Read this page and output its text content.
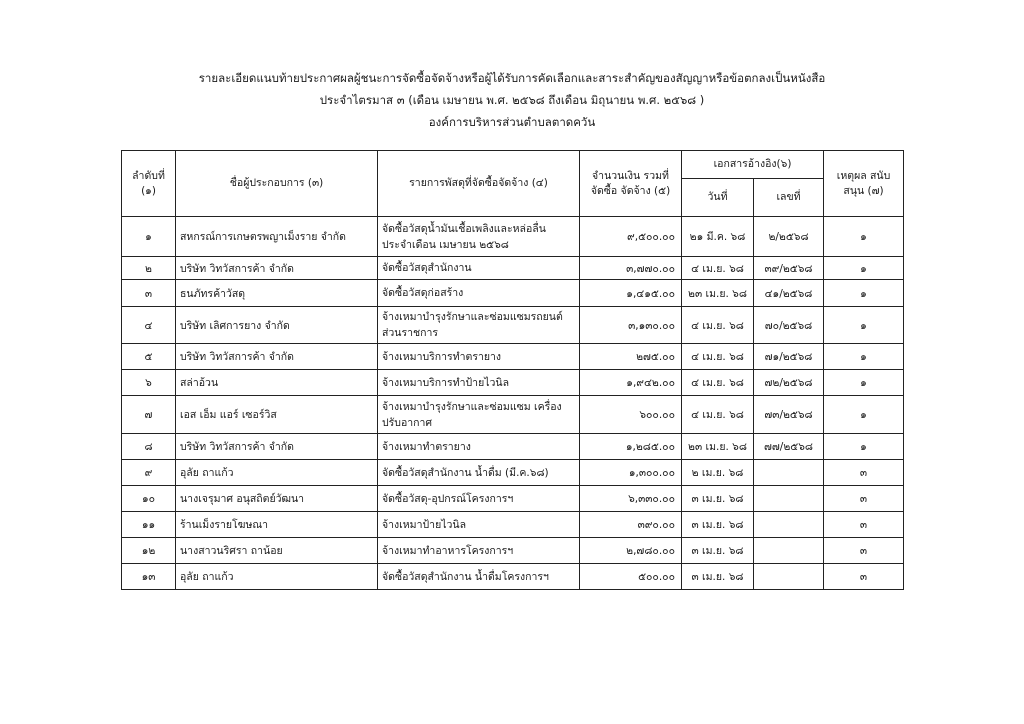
รายละเอียดแนบท้ายประกาศผลผู้ชนะการจัดซื้อจัดจ้างหรือผู้ได้รับการคัดเลือกและสาระสำคัญของสัญญาหรือข้อตกลงเป็นหนังสือ
ประจำไตรมาส ๓ (เดือน เมษายน พ.ศ. ๒๕๖๘ ถึงเดือน มิถุนายน พ.ศ. ๒๕๖๘ )
องค์การบริหารส่วนตำบลตาดควัน
ลำดับที่ (๑)	ชื่อผู้ประกอบการ (๓)	รายการพัสดุที่จัดซื้อจัดจ้าง (๔)	จำนวนเงิน รวมที่ จัดซื้อ จัดจ้าง (๕)	เอกสารอ้างอิง(๖)		เหตุผล สนับ สนุน (๗)
				วันที่	เลขที่	
๑	สหกรณ์การเกษตรพญาเม็งราย จำกัด	จัดซื้อวัสดุน้ำมันเชื้อเพลิงและหล่อลื่น ประจำเดือน เมษายน ๒๕๖๘	๙,๕๐๐.๐๐	๒๑ มี.ค. ๖๘	๒/๒๕๖๘	๑
๒	บริษัท วิทวัสการค้า จำกัด	จัดซื้อวัสดุสำนักงาน	๓,๗๗๐.๐๐	๔ เม.ย. ๖๘	๓๙/๒๕๖๘	๑
๓	ธนภัทรค้าวัสดุ	จัดซื้อวัสดุก่อสร้าง	๑,๔๑๕.๐๐	๒๓ เม.ย. ๖๘	๔๑/๒๕๖๘	๑
๔	บริษัท เลิศการยาง จำกัด	จ้างเหมาบำรุงรักษาและซ่อมแซมรถยนต์ ส่วนราชการ	๓,๑๓๐.๐๐	๔ เม.ย. ๖๘	๗๐/๒๕๖๘	๑
๕	บริษัท วิทวัสการค้า จำกัด	จ้างเหมาบริการทำตรายาง	๒๗๕.๐๐	๔ เม.ย. ๖๘	๗๑/๒๕๖๘	๑
๖	สล่าอ้วน	จ้างเหมาบริการทำป้ายไวนิล	๑,๙๔๒.๐๐	๔ เม.ย. ๖๘	๗๒/๒๕๖๘	๑
๗	เอส เอ็ม แอร์ เซอร์วิส	จ้างเหมาบำรุงรักษาและซ่อมแซม เครื่องปรับอากาศ	๖๐๐.๐๐	๔ เม.ย. ๖๘	๗๓/๒๕๖๘	๑
๘	บริษัท วิทวัสการค้า จำกัด	จ้างเหมาทำตรายาง	๑,๒๘๕.๐๐	๒๓ เม.ย. ๖๘	๗๗/๒๕๖๘	๑
๙	อุลัย ถาแก้ว	จัดซื้อวัสดุสำนักงาน น้ำดื่ม (มี.ค.๖๘)	๑,๓๐๐.๐๐	๒ เม.ย. ๖๘		๓
๑๐	นางเจรุมาศ อนุสถิตย์วัฒนา	จัดซื้อวัสดุ-อุปกรณ์โครงการฯ	๖,๓๓๐.๐๐	๓ เม.ย. ๖๘		๓
๑๑	ร้านเม็งรายโฆษณา	จ้างเหมาป้ายไวนิล	๓๙๐.๐๐	๓ เม.ย. ๖๘		๓
๑๒	นางสาวนริศรา ถาน้อย	จ้างเหมาทำอาหารโครงการฯ	๒,๗๘๐.๐๐	๓ เม.ย. ๖๘		๓
๑๓	อุลัย ถาแก้ว	จัดซื้อวัสดุสำนักงาน น้ำดื่มโครงการฯ	๕๐๐.๐๐	๓ เม.ย. ๖๘		๓
